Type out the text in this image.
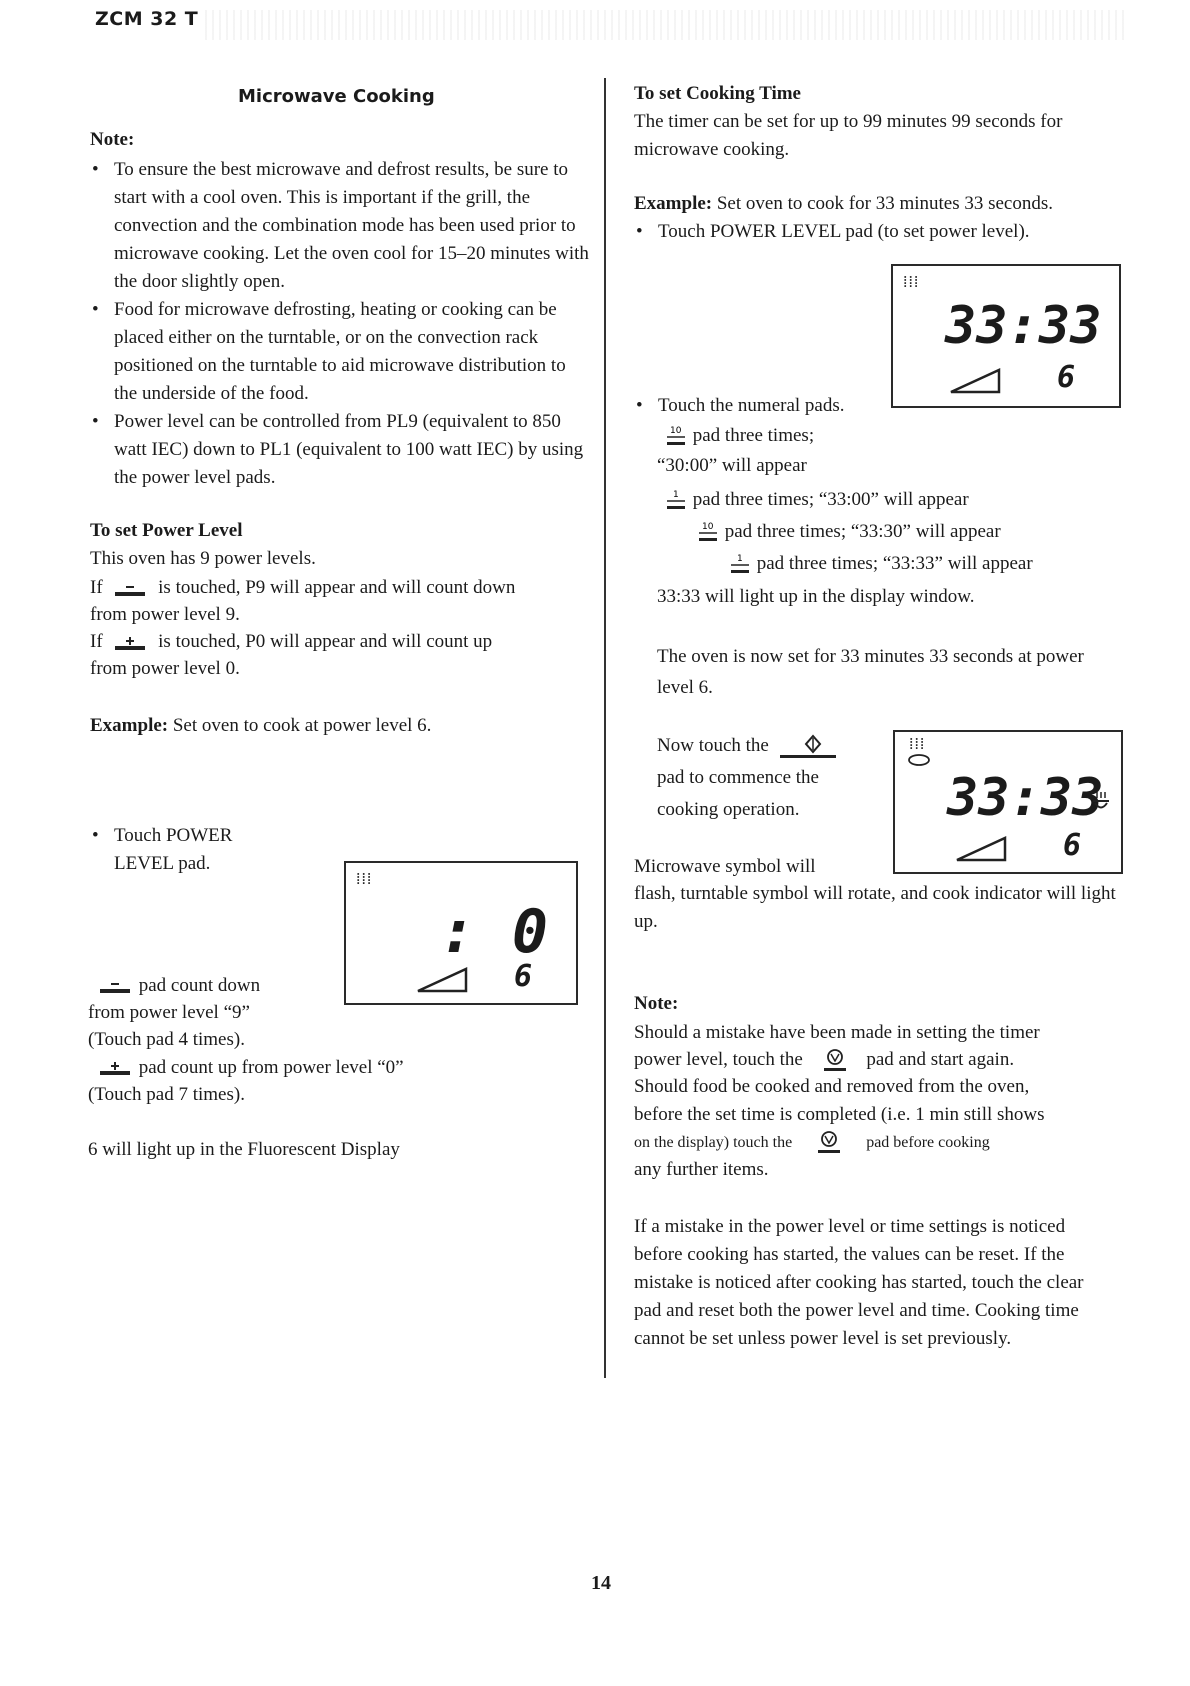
ZCM 32 T
Microwave Cooking
Note:
• To ensure the best microwave and defrost results, be sure to start with a cool oven. This is important if the grill, the convection and the combination mode has been used prior to microwave cooking. Let the oven cool for 15–20 minutes with the door slightly open.
• Food for microwave defrosting, heating or cooking can be placed either on the turntable, or on the convection rack positioned on the turntable to aid microwave distribution to the underside of the food.
• Power level can be controlled from PL9 (equivalent to 850 watt IEC) down to PL1 (equivalent to 100 watt IEC) by using the power level pads.
To set Power Level
This oven has 9 power levels.
If	is touched, P9 will appear and will count down
from power level 9.
If	is touched, P0 will appear and will count up
from power level 0.
Example: Set oven to cook at power level 6.
• Touch POWER
LEVEL pad.
⁞⁞⁞
: 0
6
pad count down
from power level “9”
(Touch pad 4 times).
pad count up from power level “0”
(Touch pad 7 times).
6 will light up in the Fluorescent Display
To set Cooking Time
The timer can be set for up to 99 minutes 99 seconds for microwave cooking.
Example: Set oven to cook for 33 minutes 33 seconds.
• Touch POWER LEVEL pad (to set power level).
⁞⁞⁞
33:33
6
• Touch the numeral pads.
10 pad three times;
“30:00” will appear
1 pad three times; “33:00” will appear
10 pad three times; “33:30” will appear
1 pad three times; “33:33” will appear
33:33 will light up in the display window.
The oven is now set for 33 minutes 33 seconds at power level 6.
Now touch the
pad to commence the
cooking operation.
⁞⁞⁞
33:33
6
Microwave symbol will
flash, turntable symbol will rotate, and cook indicator will light up.
Note:
Should a mistake have been made in setting the timer
power level, touch the	pad and start again.
Should food be cooked and removed from the oven,
before the set time is completed (i.e. 1 min still shows
on the display) touch the	pad before cooking
any further items.
If a mistake in the power level or time settings is noticed before cooking has started, the values can be reset. If the mistake is noticed after cooking has started, touch the clear pad and reset both the power level and time. Cooking time cannot be set unless power level is set previously.
14
